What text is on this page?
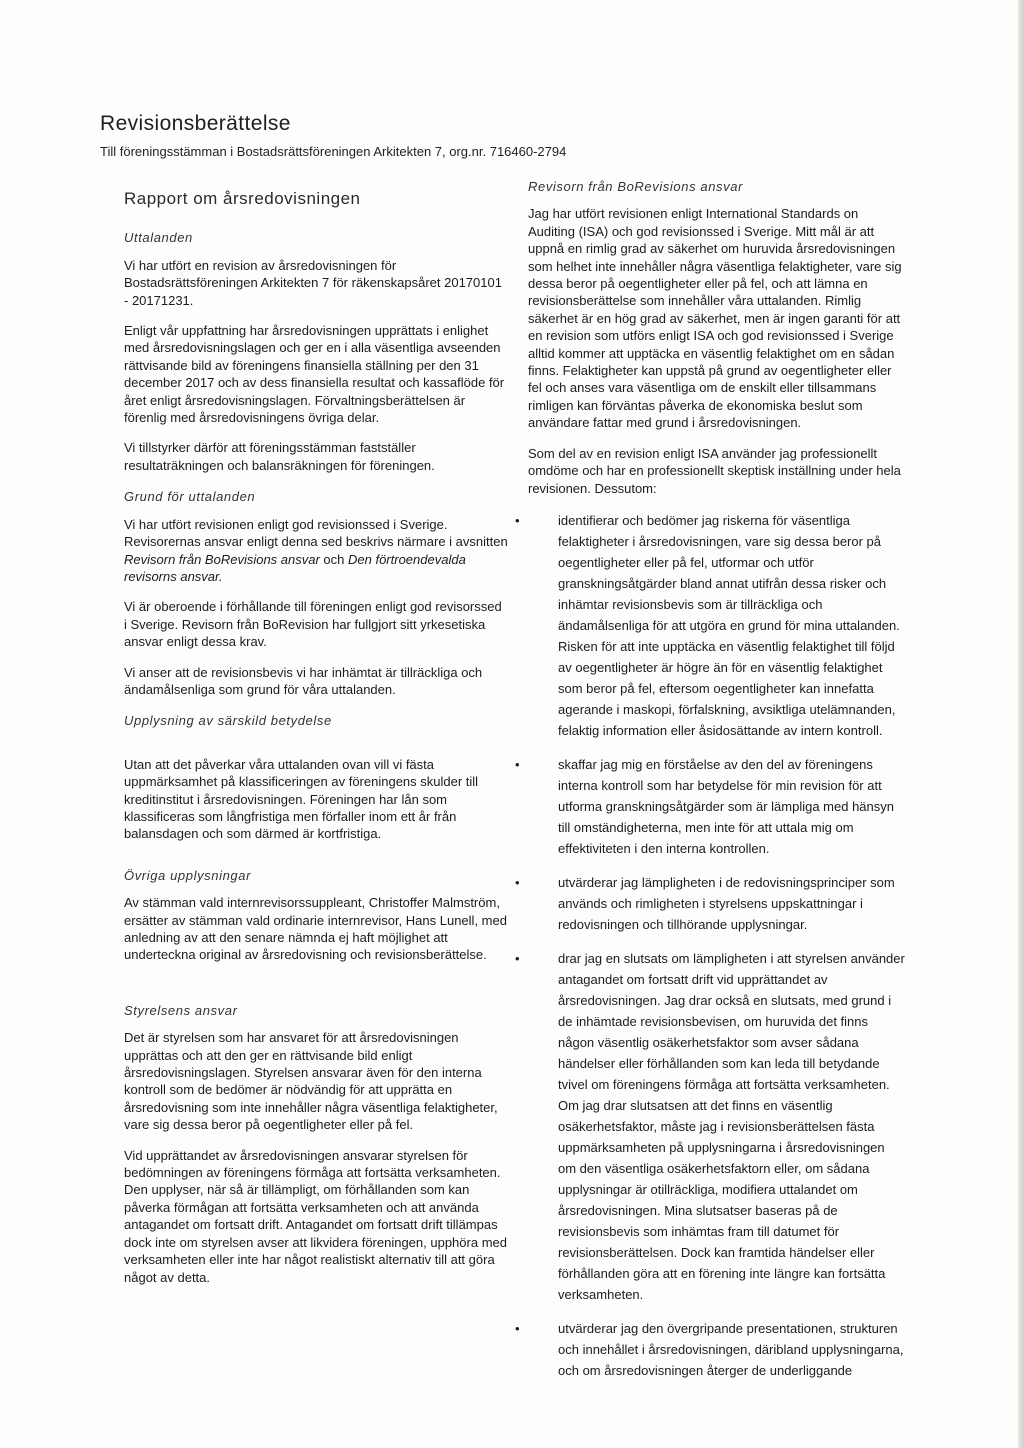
Revisionsberättelse

Till föreningsstämman i Bostadsrättsföreningen Arkitekten 7, org.nr. 716460-2794

Rapport om årsredovisningen
Uttalanden

Vi har utfört en revision av årsredovisningen för Bostadsrättsföreningen Arkitekten 7 för räkenskapsåret 20170101 - 20171231.

Enligt vår uppfattning har årsredovisningen upprättats i enlighet med årsredovisningslagen och ger en i alla väsentliga avseenden rättvisande bild av föreningens finansiella ställning per den 31 december 2017 och av dess finansiella resultat och kassaflöde för året enligt årsredovisningslagen. Förvaltningsberättelsen är förenlig med årsredovisningens övriga delar.

Vi tillstyrker därför att föreningsstämman fastställer resultaträkningen och balansräkningen för föreningen.

Grund för uttalanden

Vi har utfört revisionen enligt god revisionssed i Sverige. Revisorernas ansvar enligt denna sed beskrivs närmare i avsnitten Revisorn från BoRevisions ansvar och Den förtroendevalda revisorns ansvar.

Vi är oberoende i förhållande till föreningen enligt god revisorssed i Sverige. Revisorn från BoRevision har fullgjort sitt yrkesetiska ansvar enligt dessa krav.

Vi anser att de revisionsbevis vi har inhämtat är tillräckliga och ändamålsenliga som grund för våra uttalanden.

Upplysning av särskild betydelse

Utan att det påverkar våra uttalanden ovan vill vi fästa uppmärksamhet på klassificeringen av föreningens skulder till kreditinstitut i årsredovisningen. Föreningen har lån som klassificeras som långfristiga men förfaller inom ett år från balansdagen och som därmed är kortfristiga.

Övriga upplysningar

Av stämman vald internrevisorssuppleant, Christoffer Malmström, ersätter av stämman vald ordinarie internrevisor, Hans Lunell, med anledning av att den senare nämnda ej haft möjlighet att underteckna original av årsredovisning och revisionsberättelse.

Styrelsens ansvar

Det är styrelsen som har ansvaret för att årsredovisningen upprättas och att den ger en rättvisande bild enligt årsredovisningslagen. Styrelsen ansvarar även för den interna kontroll som de bedömer är nödvändig för att upprätta en årsredovisning som inte innehåller några väsentliga felaktigheter, vare sig dessa beror på oegentligheter eller på fel.

Vid upprättandet av årsredovisningen ansvarar styrelsen för bedömningen av föreningens förmåga att fortsätta verksamheten. Den upplyser, när så är tillämpligt, om förhållanden som kan påverka förmågan att fortsätta verksamheten och att använda antagandet om fortsatt drift. Antagandet om fortsatt drift tillämpas dock inte om styrelsen avser att likvidera föreningen, upphöra med verksamheten eller inte har något realistiskt alternativ till att göra något av detta.

Revisorn från BoRevisions ansvar

Jag har utfört revisionen enligt International Standards on Auditing (ISA) och god revisionssed i Sverige. Mitt mål är att uppnå en rimlig grad av säkerhet om huruvida årsredovisningen som helhet inte innehåller några väsentliga felaktigheter, vare sig dessa beror på oegentligheter eller på fel, och att lämna en revisionsberättelse som innehåller våra uttalanden. Rimlig säkerhet är en hög grad av säkerhet, men är ingen garanti för att en revision som utförs enligt ISA och god revisionssed i Sverige alltid kommer att upptäcka en väsentlig felaktighet om en sådan finns. Felaktigheter kan uppstå på grund av oegentligheter eller fel och anses vara väsentliga om de enskilt eller tillsammans rimligen kan förväntas påverka de ekonomiska beslut som användare fattar med grund i årsredovisningen.

Som del av en revision enligt ISA använder jag professionellt omdöme och har en professionellt skeptisk inställning under hela revisionen. Dessutom:

•	identifierar och bedömer jag riskerna för väsentliga felaktigheter i årsredovisningen, vare sig dessa beror på oegentligheter eller på fel, utformar och utför granskningsåtgärder bland annat utifrån dessa risker och inhämtar revisionsbevis som är tillräckliga och ändamålsenliga för att utgöra en grund för mina uttalanden. Risken för att inte upptäcka en väsentlig felaktighet till följd av oegentligheter är högre än för en väsentlig felaktighet som beror på fel, eftersom oegentligheter kan innefatta agerande i maskopi, förfalskning, avsiktliga utelämnanden, felaktig information eller åsidosättande av intern kontroll.
•	skaffar jag mig en förståelse av den del av föreningens interna kontroll som har betydelse för min revision för att utforma granskningsåtgärder som är lämpliga med hänsyn till omständigheterna, men inte för att uttala mig om effektiviteten i den interna kontrollen.
•	utvärderar jag lämpligheten i de redovisningsprinciper som används och rimligheten i styrelsens uppskattningar i redovisningen och tillhörande upplysningar.
•	drar jag en slutsats om lämpligheten i att styrelsen använder antagandet om fortsatt drift vid upprättandet av årsredovisningen. Jag drar också en slutsats, med grund i de inhämtade revisionsbevisen, om huruvida det finns någon väsentlig osäkerhetsfaktor som avser sådana händelser eller förhållanden som kan leda till betydande tvivel om föreningens förmåga att fortsätta verksamheten. Om jag drar slutsatsen att det finns en väsentlig osäkerhetsfaktor, måste jag i revisionsberättelsen fästa uppmärksamheten på upplysningarna i årsredovisningen om den väsentliga osäkerhetsfaktorn eller, om sådana upplysningar är otillräckliga, modifiera uttalandet om årsredovisningen. Mina slutsatser baseras på de revisionsbevis som inhämtas fram till datumet för revisionsberättelsen. Dock kan framtida händelser eller förhållanden göra att en förening inte längre kan fortsätta verksamheten.
•	utvärderar jag den övergripande presentationen, strukturen och innehållet i årsredovisningen, däribland upplysningarna, och om årsredovisningen återger de underliggande
